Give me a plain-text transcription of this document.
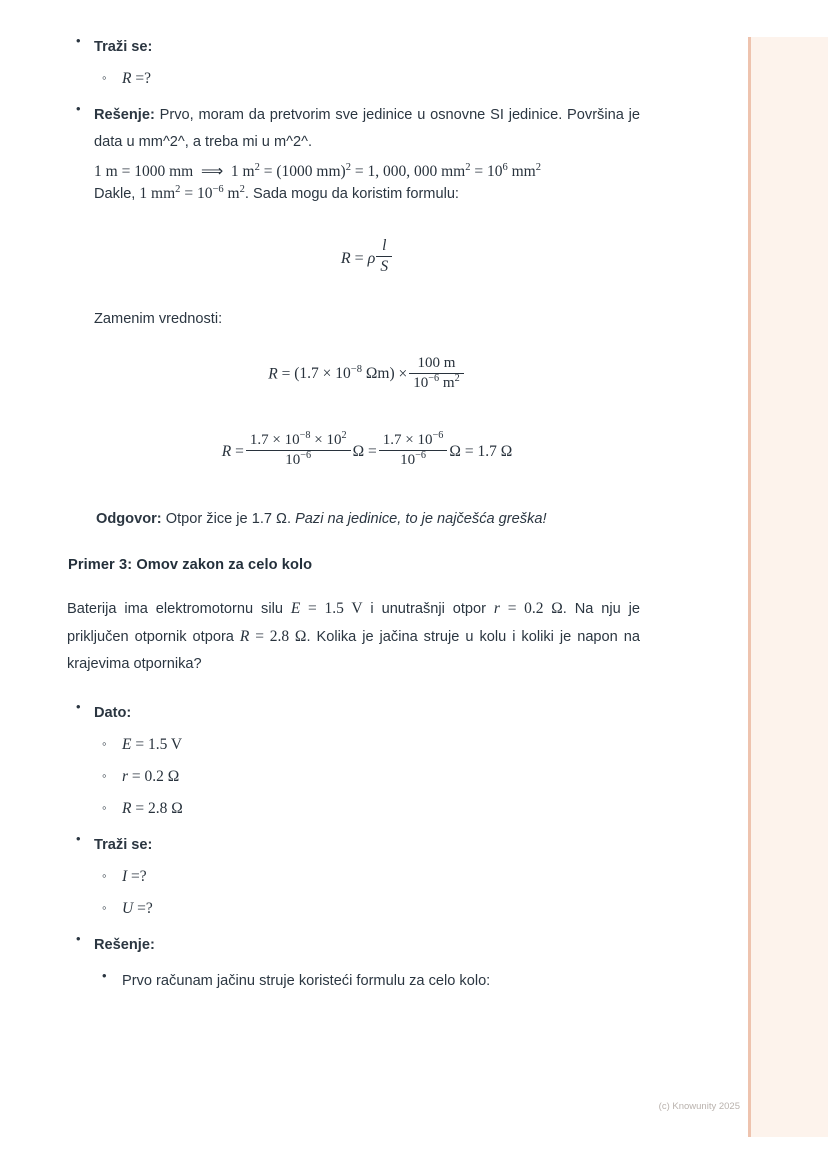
• Traži se:
◦ R =?

• Rešenje: Prvo, moram da pretvorim sve jedinice u osnovne SI jedinice. Površina je data u mm^2^, a treba mi u m^2^.

1 m = 1000 mm  ⟹  1 $m^2 = (1000$ mm)$^2$ = 1, 000, 000 $mm^2 = 10^6$ $mm^2$

Dakle, 1 $mm^2 = 10^{-6}$ $m^2$. Sada mogu da koristim formulu:

R = ρ $\frac{l}{S}$

Zamenim vrednosti:

$R = (1.7 \times 10^{-8}$ $\Omega m) \times \frac{100 m}{10^{-6} m^2}$
$R = \frac{1.7 \times 10^{-8} \times 10^2}{10^{-6}}$ $\Omega = \frac{1.7 \times 10^{-6}}{10^{-6}}$ Ω = 1.7 Ω

Odgovor: Otpor žice je 1.7 Ω. Pazi na jedinice, to je najčešća greška!

Primer 3: Omov zakon za celo kolo

Baterija ima elektromotornu silu E = 1.5 V i unutrašnji otpor r = 0.2 Ω. Na nju je priključen otpornik otpora R = 2.8 Ω. Kolika je jačina struje u kolu i koliki je napon na krajevima otpornika?

• Dato:
◦ E = 1.5 V
◦ r = 0.2 Ω
◦ R = 2.8 Ω
• Traži se:
◦ I =?
◦ U =?
• Rešenje:
• Prvo računam jačinu struje koristeći formulu za celo kolo:
(c) Knowunity 2025
